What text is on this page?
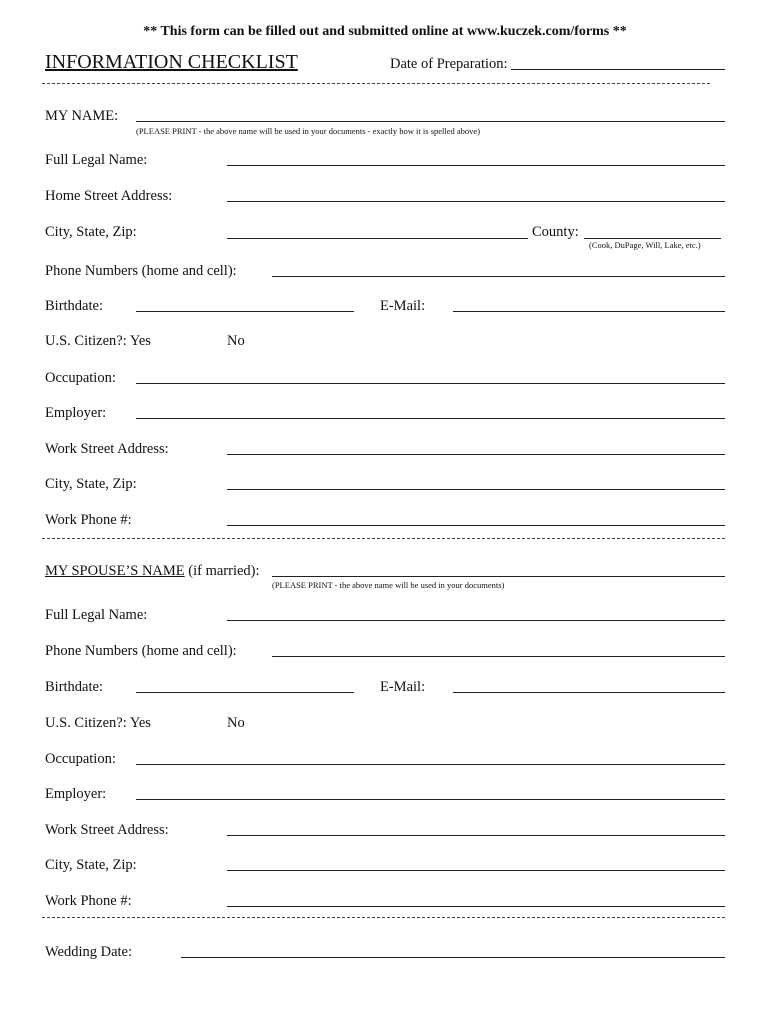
** This form can be filled out and submitted online at www.kuczek.com/forms **
INFORMATION CHECKLIST	Date of Preparation:
MY NAME:
(PLEASE PRINT - the above name will be used in your documents - exactly how it is spelled above)
Full Legal Name:
Home Street Address:
City, State, Zip:	County:
(Cook, DuPage, Will, Lake, etc.)
Phone Numbers (home and cell):
Birthdate:	E-Mail:
U.S. Citizen?: Yes	No
Occupation:
Employer:
Work Street Address:
City, State, Zip:
Work Phone #:
MY SPOUSE’S NAME (if married):
(PLEASE PRINT - the above name will be used in your documents)
Full Legal Name:
Phone Numbers (home and cell):
Birthdate:	E-Mail:
U.S. Citizen?: Yes	No
Occupation:
Employer:
Work Street Address:
City, State, Zip:
Work Phone #:
Wedding Date:
